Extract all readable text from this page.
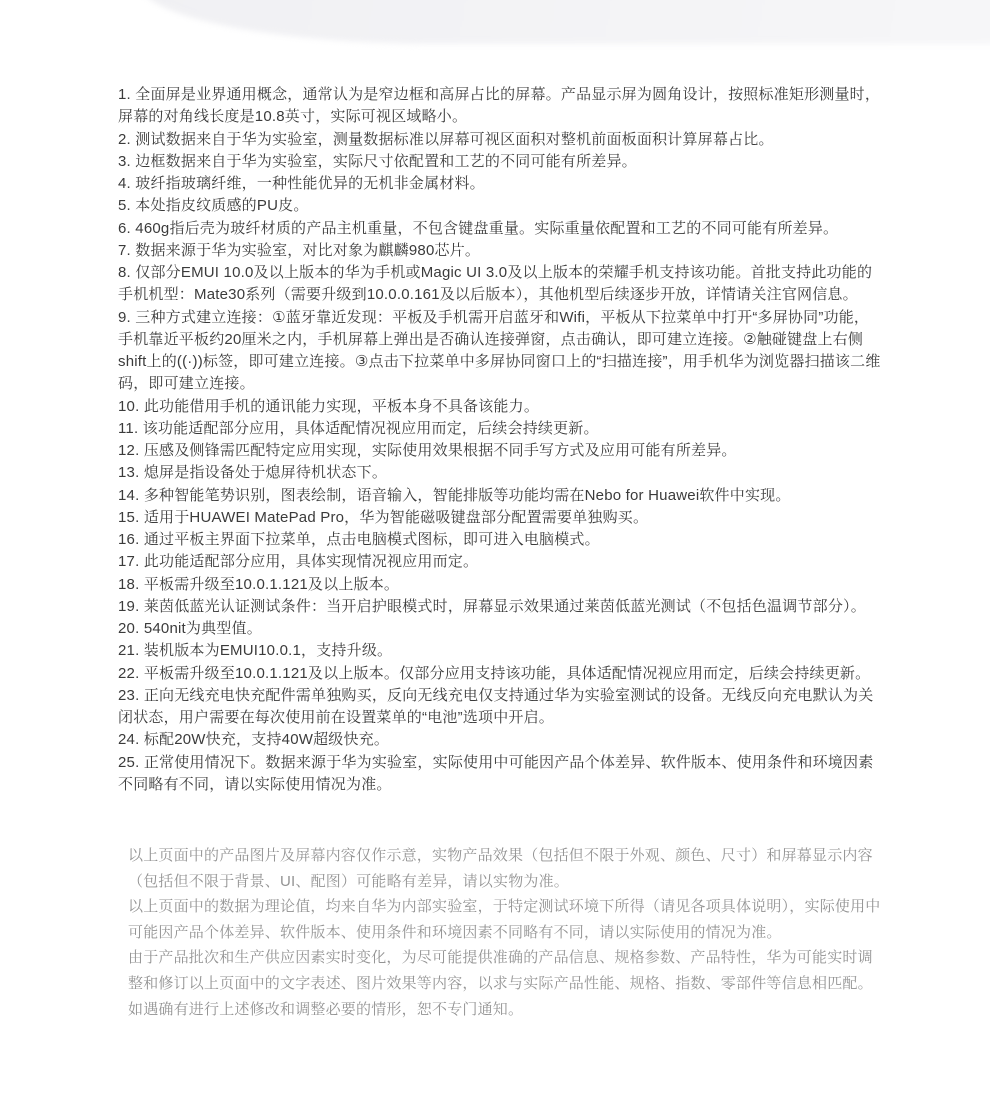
1. 全面屏是业界通用概念，通常认为是窄边框和高屏占比的屏幕。产品显示屏为圆角设计，按照标准矩形测量时，屏幕的对角线长度是10.8英寸，实际可视区域略小。

2. 测试数据来自于华为实验室，测量数据标准以屏幕可视区面积对整机前面板面积计算屏幕占比。

3. 边框数据来自于华为实验室，实际尺寸依配置和工艺的不同可能有所差异。

4. 玻纤指玻璃纤维，一种性能优异的无机非金属材料。

5. 本处指皮纹质感的PU皮。

6. 460g指后壳为玻纤材质的产品主机重量，不包含键盘重量。实际重量依配置和工艺的不同可能有所差异。

7. 数据来源于华为实验室，对比对象为麒麟980芯片。

8. 仅部分EMUI 10.0及以上版本的华为手机或Magic UI 3.0及以上版本的荣耀手机支持该功能。首批支持此功能的手机机型：Mate30系列（需要升级到10.0.0.161及以后版本），其他机型后续逐步开放，详情请关注官网信息。

9. 三种方式建立连接：①蓝牙靠近发现：平板及手机需开启蓝牙和Wifi，平板从下拉菜单中打开“多屏协同”功能，手机靠近平板约20厘米之内，手机屏幕上弹出是否确认连接弹窗，点击确认，即可建立连接。②触碰键盘上右侧shift上的((·))标签，即可建立连接。③点击下拉菜单中多屏协同窗口上的“扫描连接”，用手机华为浏览器扫描该二维码，即可建立连接。

10. 此功能借用手机的通讯能力实现，平板本身不具备该能力。

11. 该功能适配部分应用，具体适配情况视应用而定，后续会持续更新。

12. 压感及侧锋需匹配特定应用实现，实际使用效果根据不同手写方式及应用可能有所差异。

13. 熄屏是指设备处于熄屏待机状态下。

14. 多种智能笔势识别，图表绘制，语音输入，智能排版等功能均需在Nebo for Huawei软件中实现。

15. 适用于HUAWEI MatePad Pro，华为智能磁吸键盘部分配置需要单独购买。

16. 通过平板主界面下拉菜单，点击电脑模式图标，即可进入电脑模式。

17. 此功能适配部分应用，具体实现情况视应用而定。

18. 平板需升级至10.0.1.121及以上版本。

19. 莱茵低蓝光认证测试条件：当开启护眼模式时，屏幕显示效果通过莱茵低蓝光测试（不包括色温调节部分）。

20. 540nit为典型值。

21. 装机版本为EMUI10.0.1，支持升级。

22. 平板需升级至10.0.1.121及以上版本。仅部分应用支持该功能，具体适配情况视应用而定，后续会持续更新。

23. 正向无线充电快充配件需单独购买，反向无线充电仅支持通过华为实验室测试的设备。无线反向充电默认为关闭状态，用户需要在每次使用前在设置菜单的“电池”选项中开启。

24. 标配20W快充，支持40W超级快充。

25. 正常使用情况下。数据来源于华为实验室，实际使用中可能因产品个体差异、软件版本、使用条件和环境因素不同略有不同，请以实际使用情况为准。

以上页面中的产品图片及屏幕内容仅作示意，实物产品效果（包括但不限于外观、颜色、尺寸）和屏幕显示内容（包括但不限于背景、UI、配图）可能略有差异，请以实物为准。

以上页面中的数据为理论值，均来自华为内部实验室，于特定测试环境下所得（请见各项具体说明），实际使用中可能因产品个体差异、软件版本、使用条件和环境因素不同略有不同，请以实际使用的情况为准。

由于产品批次和生产供应因素实时变化，为尽可能提供准确的产品信息、规格参数、产品特性，华为可能实时调整和修订以上页面中的文字表述、图片效果等内容，以求与实际产品性能、规格、指数、零部件等信息相匹配。

如遇确有进行上述修改和调整必要的情形，恕不专门通知。
